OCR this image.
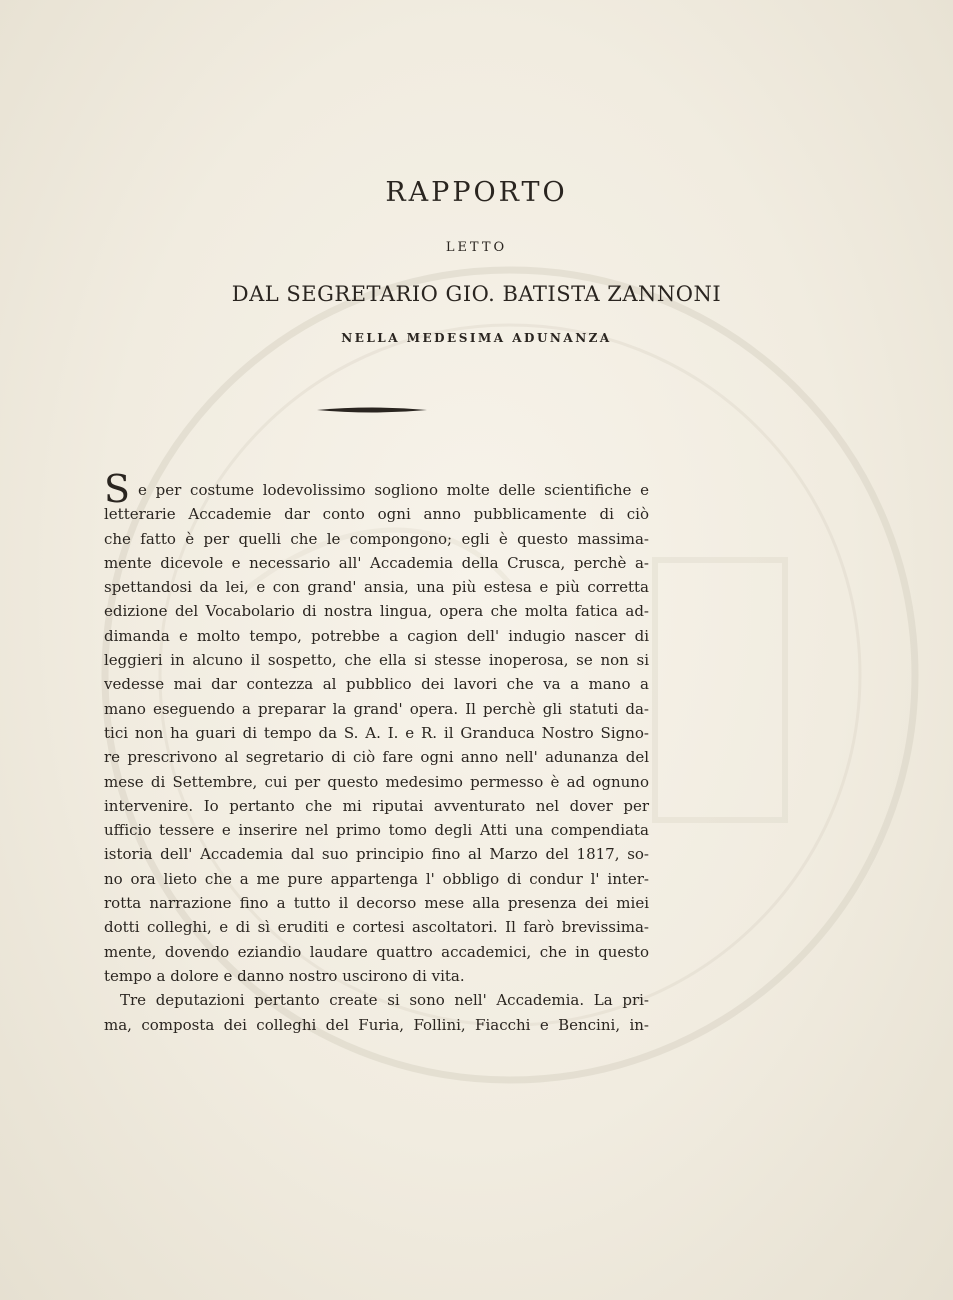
RAPPORTO
LETTO
DAL SEGRETARIO GIO. BATISTA ZANNONI
NELLA MEDESIMA ADUNANZA
S e per costume lodevolissimo sogliono molte delle scientifiche e
letterarie Accademie dar conto ogni anno pubblicamente di ciò
che fatto è per quelli che le compongono; egli è questo massima-
mente dicevole e necessario all' Accademia della Crusca, perchè a-
spettandosi da lei, e con grand' ansia, una più estesa e più corretta
edizione del Vocabolario di nostra lingua, opera che molta fatica ad-
dimanda e molto tempo, potrebbe a cagion dell' indugio nascer di
leggieri in alcuno il sospetto, che ella si stesse inoperosa, se non si
vedesse mai dar contezza al pubblico dei lavori che va a mano a
mano eseguendo a preparar la grand' opera. Il perchè gli statuti da-
tici non ha guari di tempo da S. A. I. e R. il Granduca Nostro Signo-
re prescrivono al segretario di ciò fare ogni anno nell' adunanza del
mese di Settembre, cui per questo medesimo permesso è ad ognuno
intervenire. Io pertanto che mi riputai avventurato nel dover per
ufficio tessere e inserire nel primo tomo degli Atti una compendiata
istoria dell' Accademia dal suo principio fino al Marzo del 1817, so-
no ora lieto che a me pure appartenga l' obbligo di condur l' inter-
rotta narrazione fino a tutto il decorso mese alla presenza dei miei
dotti colleghi, e di sì eruditi e cortesi ascoltatori. Il farò brevissima-
mente, dovendo eziandio laudare quattro accademici, che in questo
tempo a dolore e danno nostro uscirono di vita.
Tre deputazioni pertanto create si sono nell' Accademia. La pri-
ma, composta dei colleghi del Furia, Follini, Fiacchi e Bencini, in-
